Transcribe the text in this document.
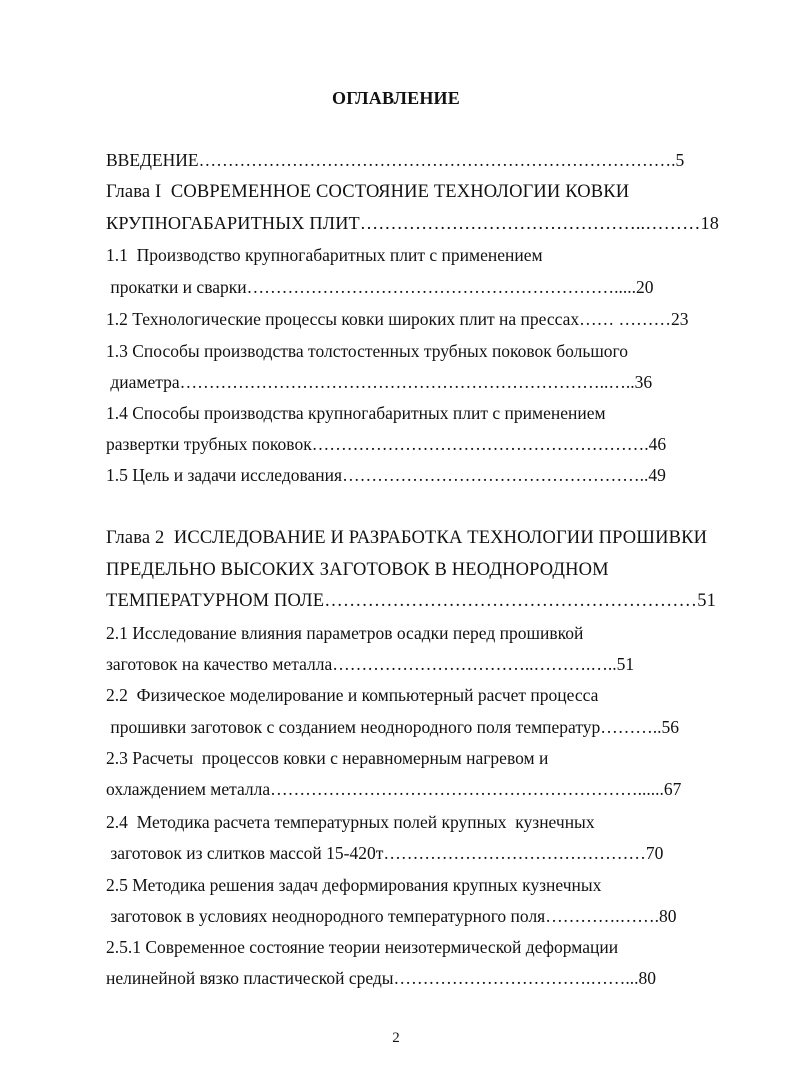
ОГЛАВЛЕНИЕ
ВВЕДЕНИЕ……………………………………………………………………….5
Глава I  СОВРЕМЕННОЕ СОСТОЯНИЕ ТЕХНОЛОГИИ КОВКИ
КРУПНОГАБАРИТНЫХ ПЛИТ………………………………………..………18
1.1  Производство крупногабаритных плит с применением
прокатки и сварки……………………………………………………….....20
1.2 Технологические процессы ковки широких плит на прессах…… ………23
1.3 Способы производства толстостенных трубных поковок большого
диаметра………………………………………………………………..…..36
1.4 Способы производства крупногабаритных плит с применением
развертки трубных поковок………………………………………………….46
1.5 Цель и задачи исследования……………………………………………..49
Глава 2  ИССЛЕДОВАНИЕ И РАЗРАБОТКА ТЕХНОЛОГИИ ПРОШИВКИ
ПРЕДЕЛЬНО ВЫСОКИХ ЗАГОТОВОК В НЕОДНОРОДНОМ
ТЕМПЕРАТУРНОМ ПОЛЕ……………………………………………………51
2.1 Исследование влияния параметров осадки перед прошивкой
заготовок на качество металла……………………………..……….…..51
2.2  Физическое моделирование и компьютерный расчет процесса
прошивки заготовок с созданием неоднородного поля температур………..56
2.3 Расчеты  процессов ковки с неравномерным нагревом и
охлаждением металла………………………………………………………......67
2.4  Методика расчета температурных полей крупных  кузнечных
заготовок из слитков массой 15-420т………………………………………70
2.5 Методика решения задач деформирования крупных кузнечных
заготовок в условиях неоднородного температурного поля………….…….80
2.5.1 Современное состояние теории неизотермической деформации
нелинейной вязко пластической среды…………………………….……...80
2
